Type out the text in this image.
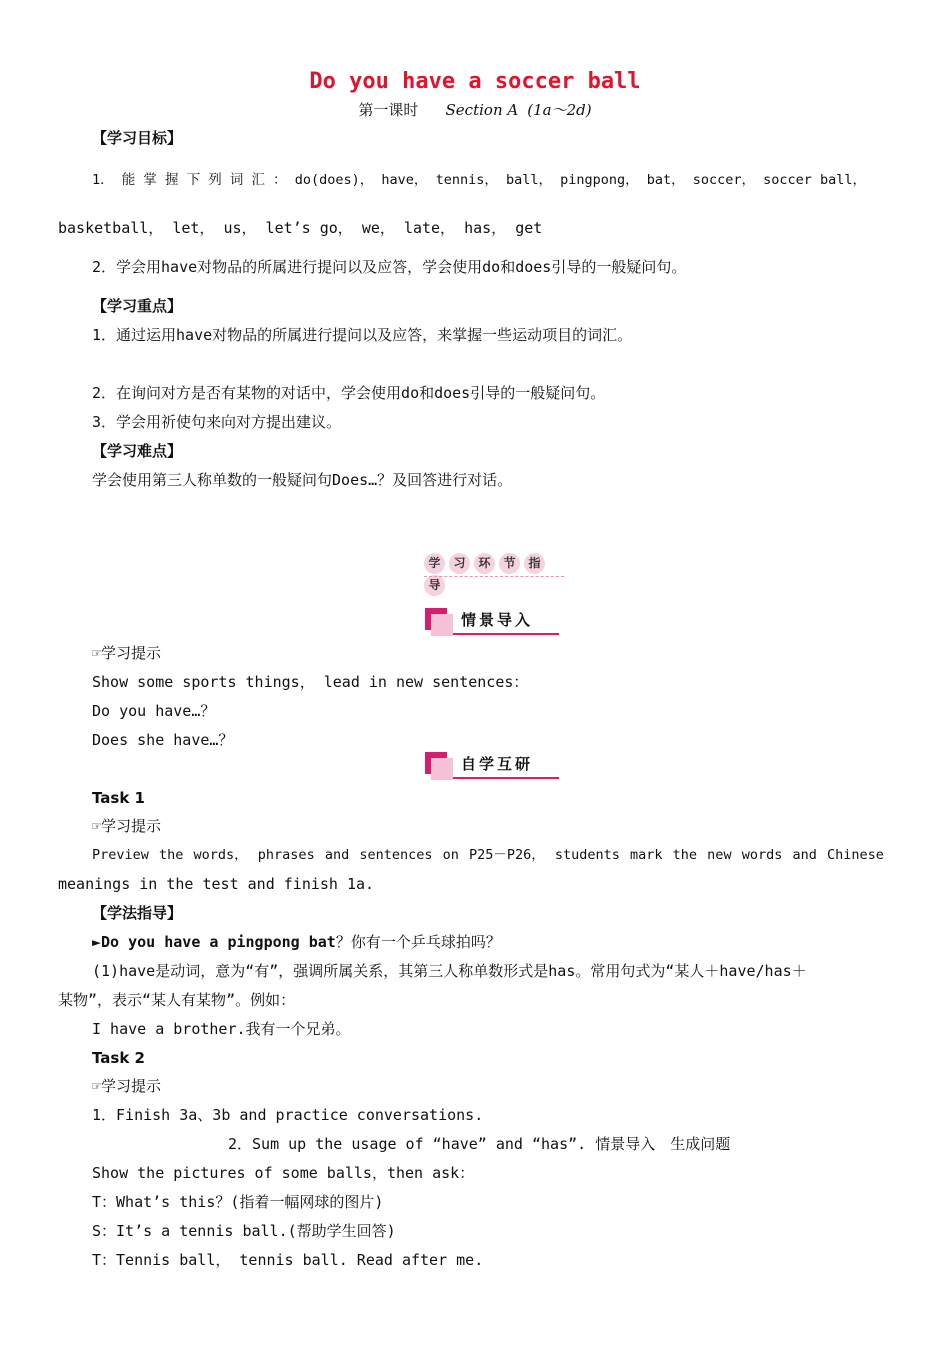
Do you have a soccer ball
第一课时 Section A (1a～2d)
【学习目标】
1． 能 掌 握 下 列 词 汇 ： do(does)， have， tennis， ball， pingpong， bat， soccer， soccer ball，
basketball， let， us， let’s go， we， late， has， get
2．学会用have对物品的所属进行提问以及应答，学会使用do和does引导的一般疑问句。
【学习重点】
1．通过运用have对物品的所属进行提问以及应答，来掌握一些运动项目的词汇。
2．在询问对方是否有某物的对话中，学会使用do和does引导的一般疑问句。
3．学会用祈使句来向对方提出建议。
【学习难点】
学会使用第三人称单数的一般疑问句Does…？及回答进行对话。
学 习 环 节 指导
情景导入
☞学习提示
Show some sports things， lead in new sentences：
Do you have…？
Does she have…？
自学互研
Task 1
☞学习提示
Preview the words， phrases and sentences on P25－P26， students mark the new words and Chinese
meanings in the test and finish 1a.
【学法指导】
►Do you have a pingpong bat？你有一个乒乓球拍吗？
(1)have是动词，意为“有”，强调所属关系，其第三人称单数形式是has。常用句式为“某人＋have/has＋
某物”，表示“某人有某物”。例如：
I have a brother.我有一个兄弟。
Task 2
☞学习提示
1．Finish 3a、3b and practice conversations.
2．Sum up the usage of “have” and “has”. 情景导入　生成问题
Show the pictures of some balls，then ask：
T：What’s this？(指着一幅网球的图片)
S：It’s a tennis ball.(帮助学生回答)
T：Tennis ball， tennis ball. Read after me.
